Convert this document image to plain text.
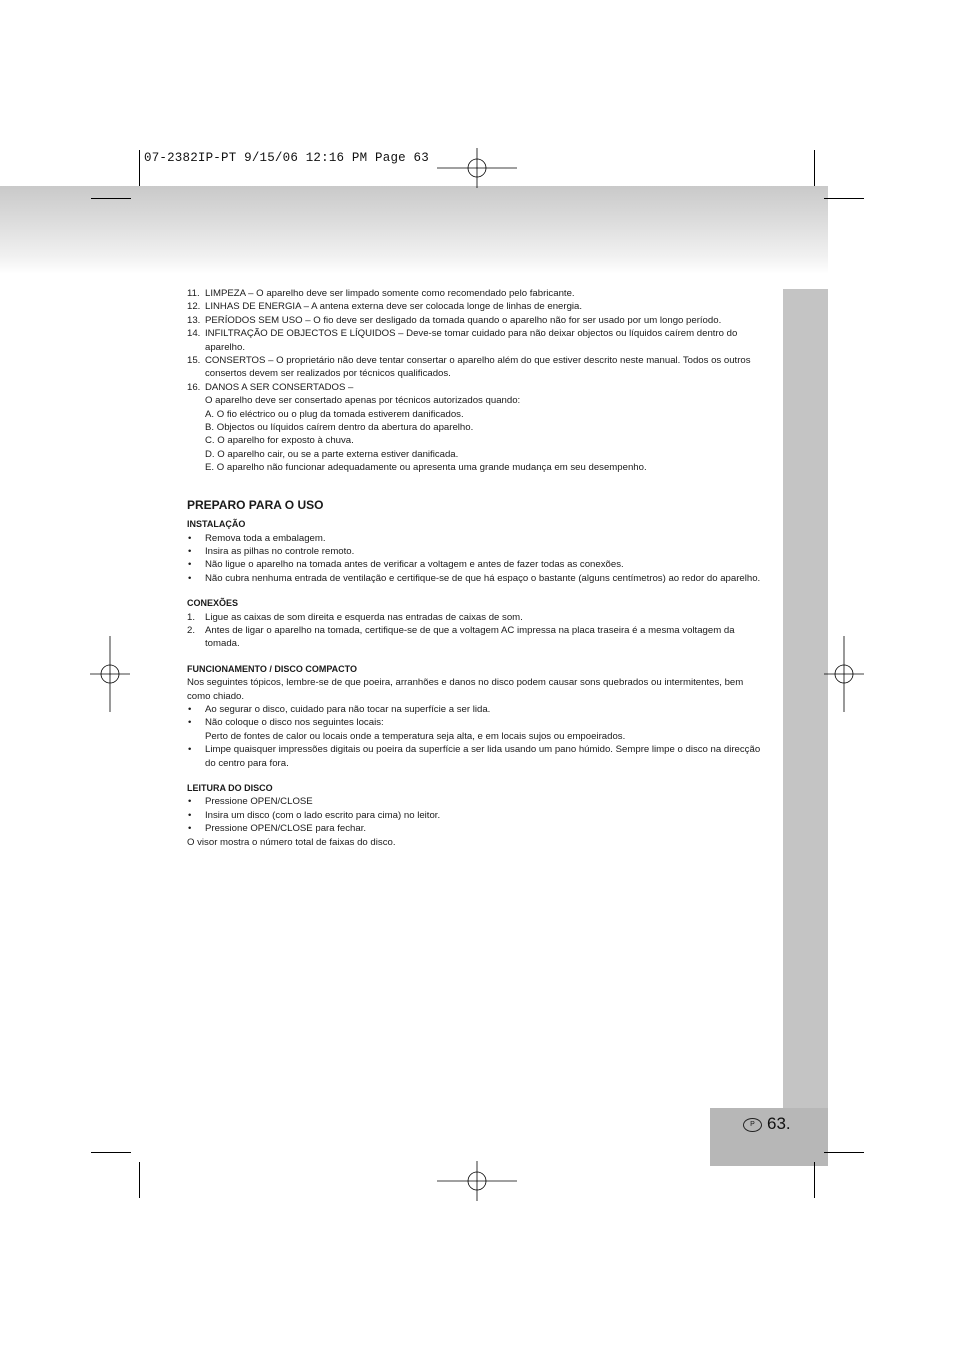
07-2382IP-PT 9/15/06 12:16 PM Page 63
P 63.
11. LIMPEZA – O aparelho deve ser limpado somente como recomendado pelo fabricante.
12. LINHAS DE ENERGIA – A antena externa deve ser colocada longe de linhas de energia.
13. PERÍODOS SEM USO – O fio deve ser desligado da tomada quando o aparelho não for ser usado por um longo período.
14. INFILTRAÇÃO DE OBJECTOS E LÍQUIDOS – Deve-se tomar cuidado para não deixar objectos ou líquidos caírem dentro do aparelho.
15. CONSERTOS – O proprietário não deve tentar consertar o aparelho além do que estiver descrito neste manual. Todos os outros consertos devem ser realizados por técnicos qualificados.
16. DANOS A SER CONSERTADOS –
O aparelho deve ser consertado apenas por técnicos autorizados quando:
A. O fio eléctrico ou o plug da tomada estiverem danificados.
B. Objectos ou líquidos caírem dentro da abertura do aparelho.
C. O aparelho for exposto à chuva.
D. O aparelho cair, ou se a parte externa estiver danificada.
E. O aparelho não funcionar adequadamente ou apresenta uma grande mudança em seu desempenho.
PREPARO PARA O USO
INSTALAÇÃO
• Remova toda a embalagem.
• Insira as pilhas no controle remoto.
• Não ligue o aparelho na tomada antes de verificar a voltagem e antes de fazer todas as conexões.
• Não cubra nenhuma entrada de ventilação e certifique-se de que há espaço o bastante (alguns centímetros) ao redor do aparelho.
CONEXÕES
1. Ligue as caixas de som direita e esquerda nas entradas de caixas de som.
2. Antes de ligar o aparelho na tomada, certifique-se de que a voltagem AC impressa na placa traseira é a mesma voltagem da tomada.
FUNCIONAMENTO / DISCO COMPACTO
Nos seguintes tópicos, lembre-se de que poeira, arranhões e danos no disco podem causar sons quebrados ou intermitentes, bem como chiado.
• Ao segurar o disco, cuidado para não tocar na superfície a ser lida.
• Não coloque o disco nos seguintes locais:
Perto de fontes de calor ou locais onde a temperatura seja alta, e em locais sujos ou empoeirados.
• Limpe quaisquer impressões digitais ou poeira da superfície a ser lida usando um pano húmido. Sempre limpe o disco na direcção do centro para fora.
LEITURA DO DISCO
• Pressione OPEN/CLOSE
• Insira um disco (com o lado escrito para cima) no leitor.
• Pressione OPEN/CLOSE para fechar.
O visor mostra o número total de faixas do disco.
